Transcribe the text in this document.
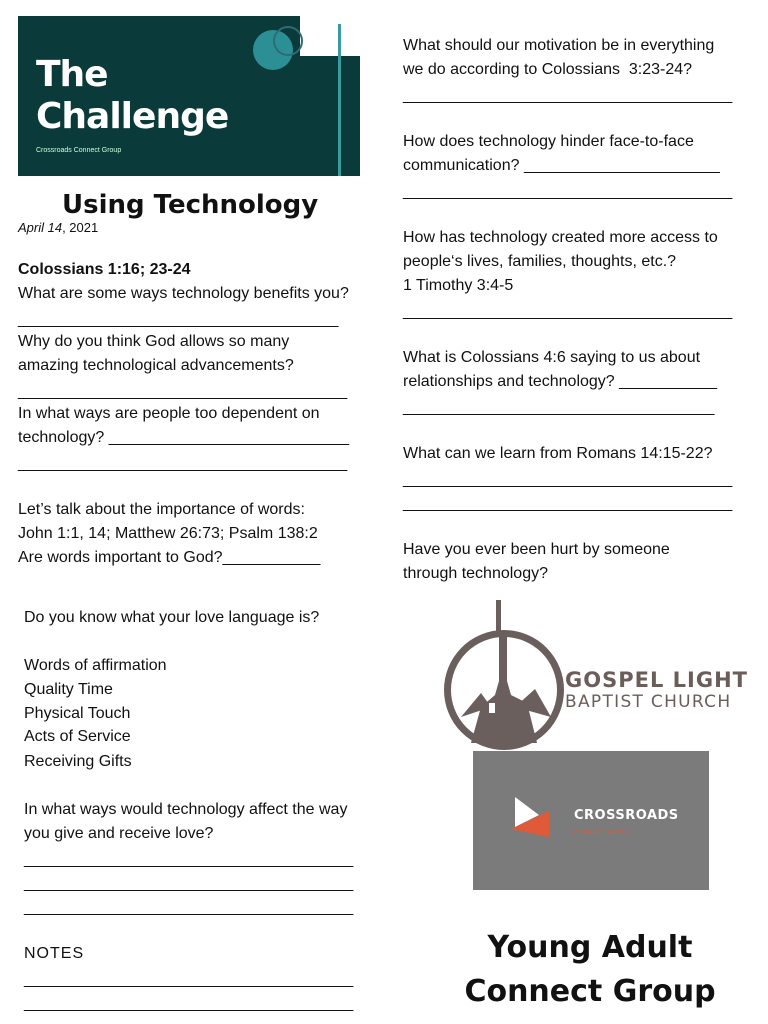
The
Challenge
Crossroads Connect Group
Using Technology
April 14, 2021
Colossians 1:16; 23-24
What are some ways technology benefits you?
____________________________________
Why do you think God allows so many
amazing technological advancements?
_____________________________________
In what ways are people too dependent on
technology? ___________________________
_____________________________________
Let’s talk about the importance of words:
John 1:1, 14; Matthew 26:73; Psalm 138:2
Are words important to God?___________
Do you know what your love language is?
Words of affirmation
Quality Time
Physical Touch
Acts of Service
Receiving Gifts
In what ways would technology affect the way
you give and receive love?
_____________________________________
_____________________________________
_____________________________________
NOTES
_____________________________________
_____________________________________
What should our motivation be in everything
we do according to Colossians  3:23-24?
_____________________________________
How does technology hinder face-to-face
communication? ______________________
_____________________________________
How has technology created more access to
people‘s lives, families, thoughts, etc.?
1 Timothy 3:4-5
_____________________________________
What is Colossians 4:6 saying to us about
relationships and technology? ___________
___________________________________
What can we learn from Romans 14:15-22?
_____________________________________
_____________________________________
Have you ever been hurt by someone
through technology?
GOSPEL LIGHT
BAPTIST CHURCH
CROSSROADS
CONNECT GROUP
Young Adult
Connect Group
